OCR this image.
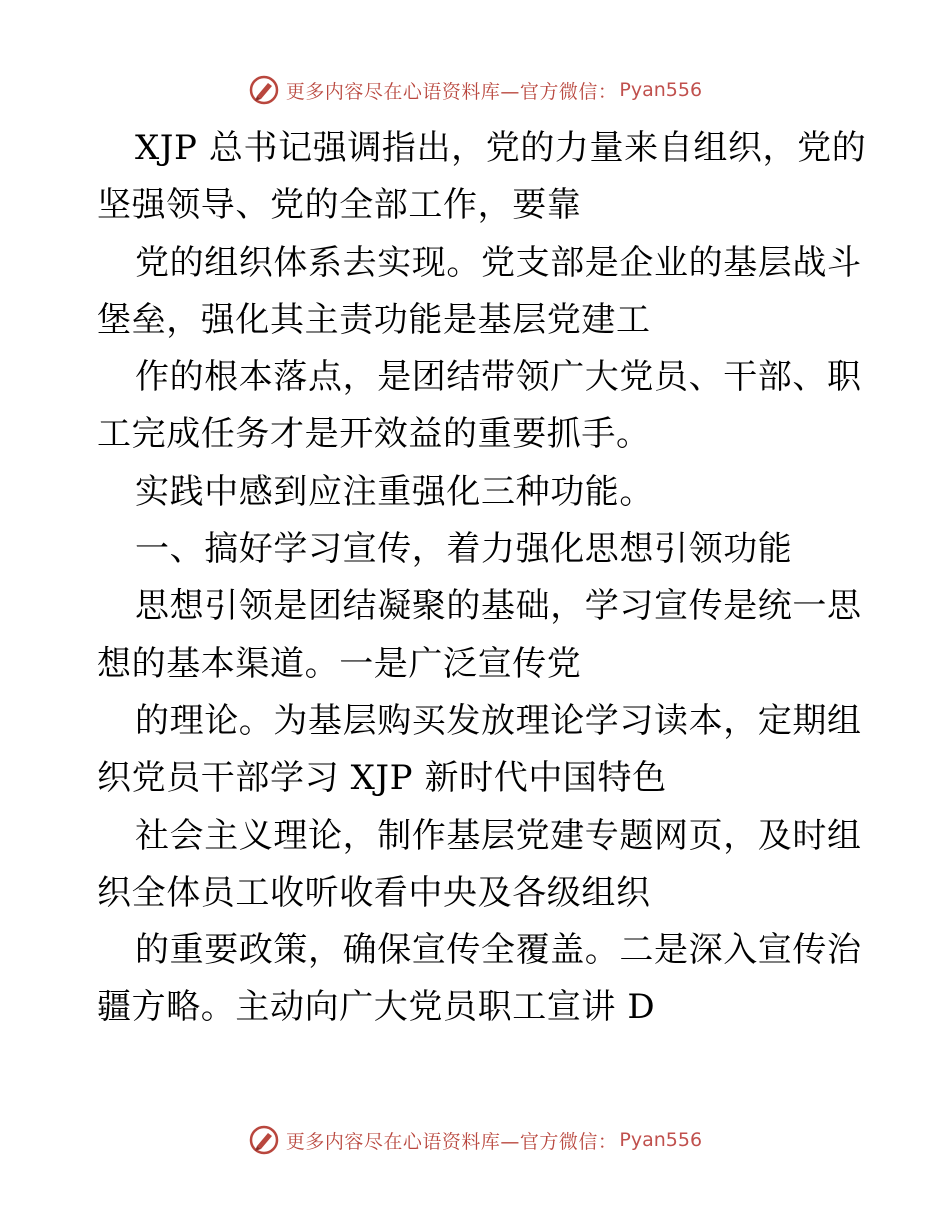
更多内容尽在心语资料库—官方微信： Pyan556
XJP 总书记强调指出，党的力量来自组织，党的
坚强领导、党的全部工作，要靠
党的组织体系去实现。党支部是企业的基层战斗
堡垒，强化其主责功能是基层党建工
作的根本落点，是团结带领广大党员、干部、职
工完成任务才是开效益的重要抓手。
实践中感到应注重强化三种功能。
一、搞好学习宣传，着力强化思想引领功能
思想引领是团结凝聚的基础，学习宣传是统一思
想的基本渠道。一是广泛宣传党
的理论。为基层购买发放理论学习读本，定期组
织党员干部学习 XJP 新时代中国特色
社会主义理论，制作基层党建专题网页，及时组
织全体员工收听收看中央及各级组织
的重要政策，确保宣传全覆盖。二是深入宣传治
疆方略。主动向广大党员职工宣讲 D
更多内容尽在心语资料库—官方微信： Pyan556
